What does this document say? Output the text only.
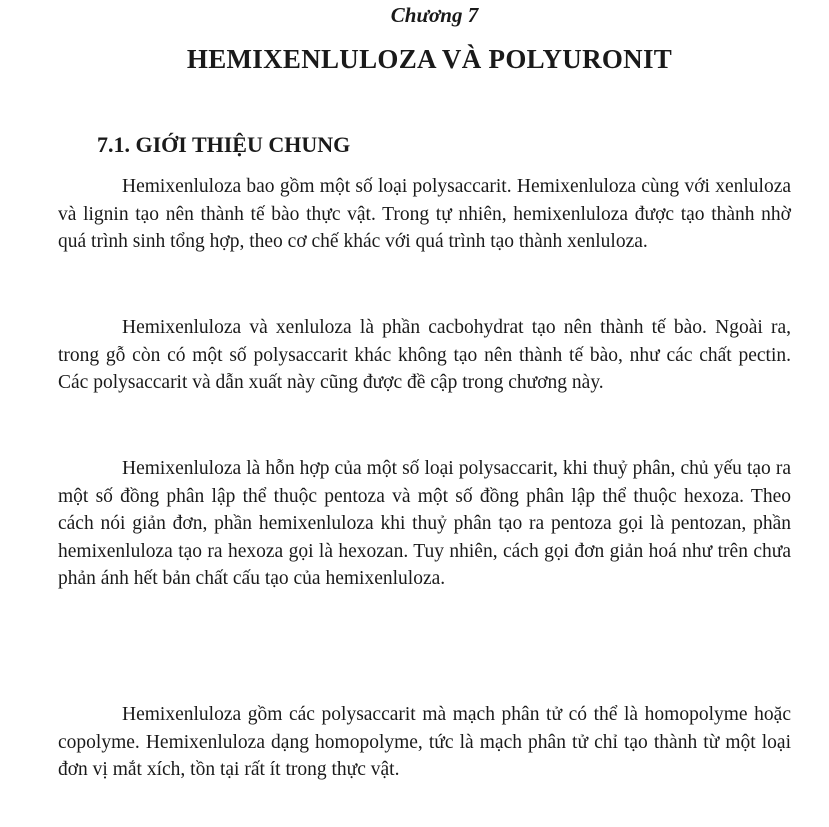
Chương 7
HEMIXENLULOZA VÀ POLYURONIT
7.1. GIỚI THIỆU CHUNG

Hemixenluloza bao gồm một số loại polysaccarit. Hemixenluloza cùng với xenluloza và lignin tạo nên thành tế bào thực vật. Trong tự nhiên, hemixenluloza được tạo thành nhờ quá trình sinh tổng hợp, theo cơ chế khác với quá trình tạo thành xenluloza.

Hemixenluloza và xenluloza là phần cacbohydrat tạo nên thành tế bào. Ngoài ra, trong gỗ còn có một số polysaccarit khác không tạo nên thành tế bào, như các chất pectin. Các polysaccarit và dẫn xuất này cũng được đề cập trong chương này.

Hemixenluloza là hỗn hợp của một số loại polysaccarit, khi thuỷ phân, chủ yếu tạo ra một số đồng phân lập thể thuộc pentoza và một số đồng phân lập thể thuộc hexoza. Theo cách nói giản đơn, phần hemixenluloza khi thuỷ phân tạo ra pentoza gọi là pentozan, phần hemixenluloza tạo ra hexoza gọi là hexozan. Tuy nhiên, cách gọi đơn giản hoá như trên chưa phản ánh hết bản chất cấu tạo của hemixenluloza.

Hemixenluloza gồm các polysaccarit mà mạch phân tử có thể là homopolyme hoặc copolyme. Hemixenluloza dạng homopolyme, tức là mạch phân tử chỉ tạo thành từ một loại đơn vị mắt xích, tồn tại rất ít trong thực vật.
